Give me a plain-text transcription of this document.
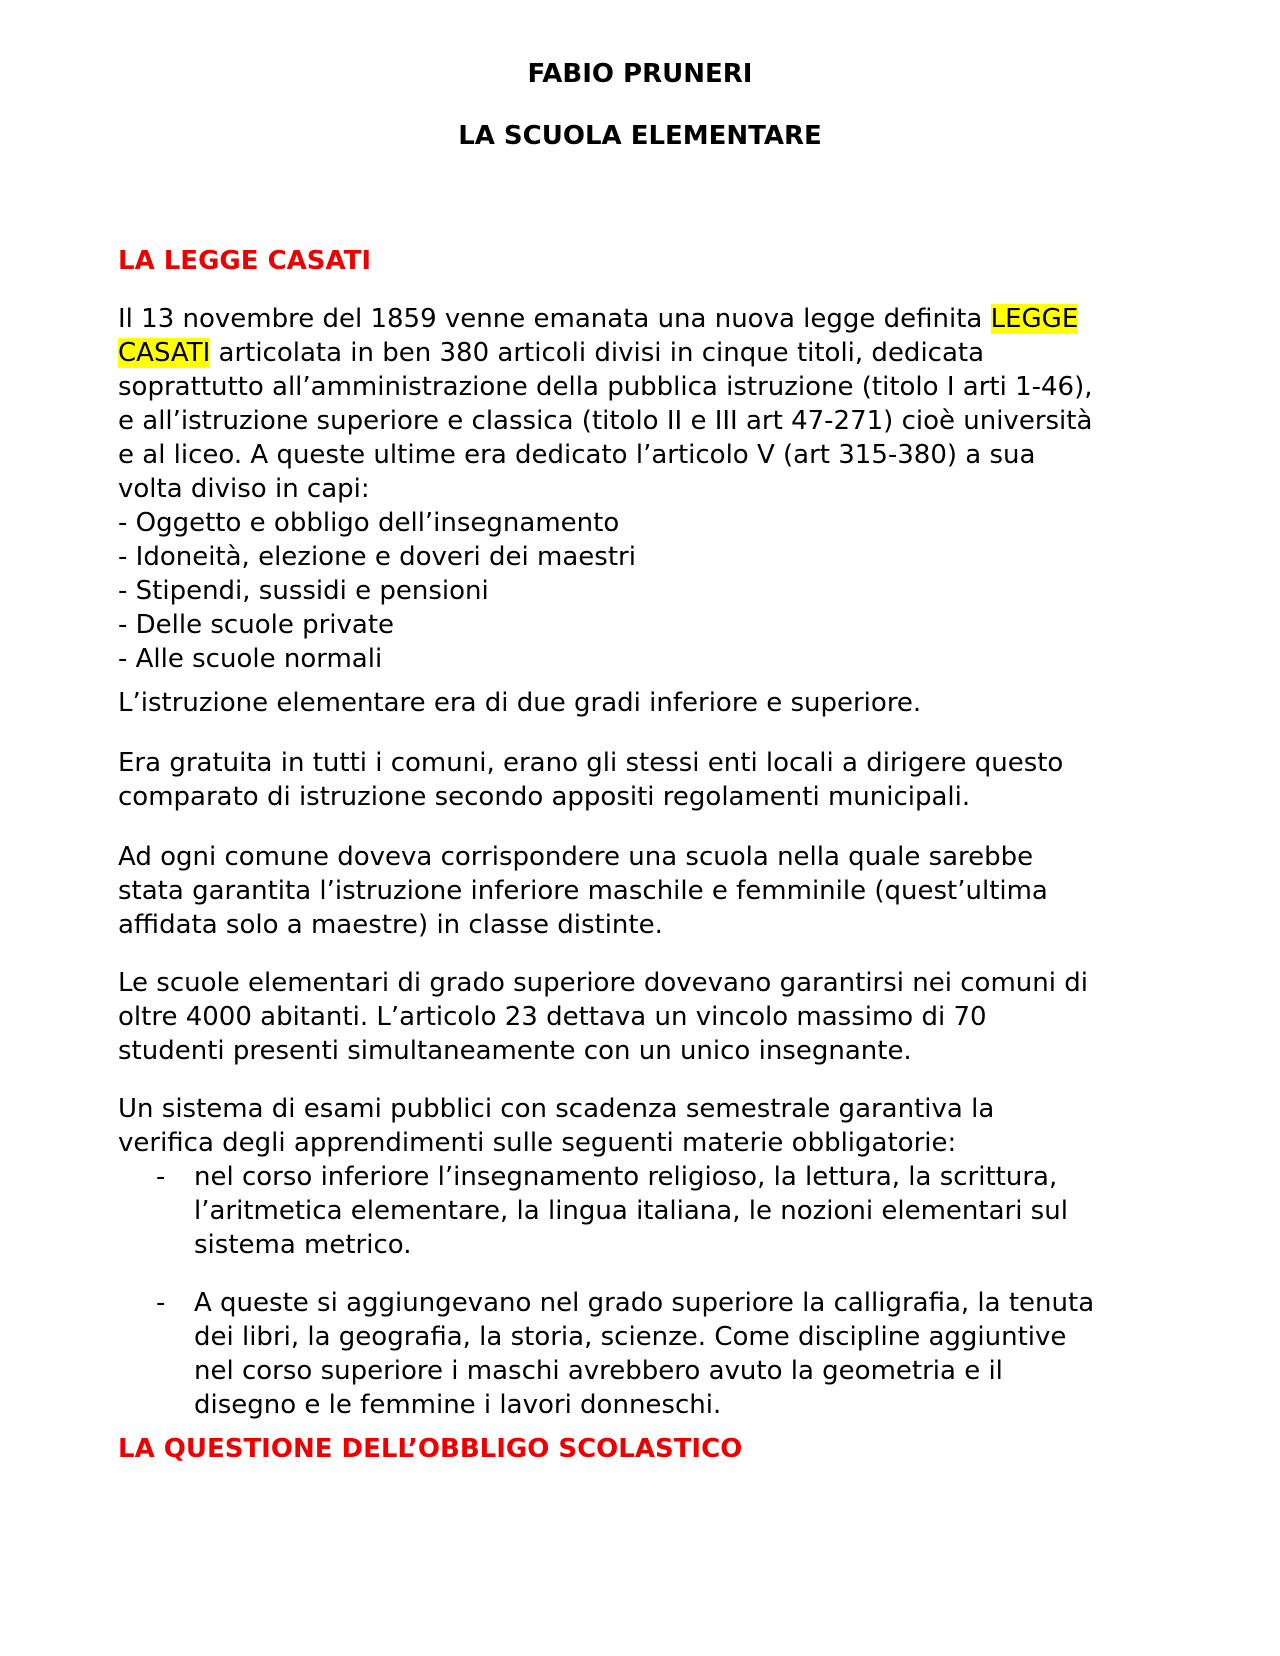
FABIO PRUNERI
LA SCUOLA ELEMENTARE
LA LEGGE CASATI
Il 13 novembre del 1859 venne emanata una nuova legge definita LEGGE
CASATI articolata in ben 380 articoli divisi in cinque titoli, dedicata
soprattutto all’amministrazione della pubblica istruzione (titolo I arti 1-46),
e all’istruzione superiore e classica (titolo II e III art 47-271) cioè università
e al liceo. A queste ultime era dedicato l’articolo V (art 315-380) a sua
volta diviso in capi:
- Oggetto e obbligo dell’insegnamento
- Idoneità, elezione e doveri dei maestri
- Stipendi, sussidi e pensioni
- Delle scuole private
- Alle scuole normali
L’istruzione elementare era di due gradi inferiore e superiore.
Era gratuita in tutti i comuni, erano gli stessi enti locali a dirigere questo
comparato di istruzione secondo appositi regolamenti municipali.
Ad ogni comune doveva corrispondere una scuola nella quale sarebbe
stata garantita l’istruzione inferiore maschile e femminile (quest’ultima
affidata solo a maestre) in classe distinte.
Le scuole elementari di grado superiore dovevano garantirsi nei comuni di
oltre 4000 abitanti. L’articolo 23 dettava un vincolo massimo di 70
studenti presenti simultaneamente con un unico insegnante.
Un sistema di esami pubblici con scadenza semestrale garantiva la
verifica degli apprendimenti sulle seguenti materie obbligatorie:
- nel corso inferiore l’insegnamento religioso, la lettura, la scrittura,
l’aritmetica elementare, la lingua italiana, le nozioni elementari sul
sistema metrico.
- A queste si aggiungevano nel grado superiore la calligrafia, la tenuta
dei libri, la geografia, la storia, scienze. Come discipline aggiuntive
nel corso superiore i maschi avrebbero avuto la geometria e il
disegno e le femmine i lavori donneschi.
LA QUESTIONE DELL’OBBLIGO SCOLASTICO
